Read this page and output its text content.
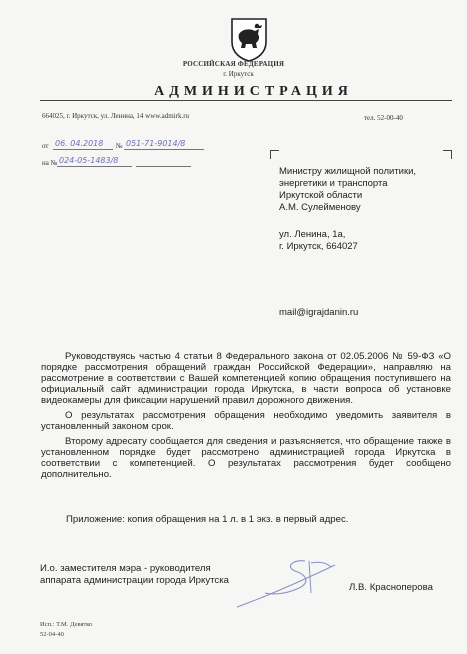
РОССИЙСКАЯ ФЕДЕРАЦИЯ
г. Иркутск
АДМИНИСТРАЦИЯ
664025, г. Иркутск, ул. Ленина, 14 www.admirk.ru	тел. 52-00-40
от 06. 04.2018 № 051-71-9014/8
на № 024-05-1483/8
Министру жилищной политики,
энергетики и транспорта
Иркутской области
А.М. Сулейменову
ул. Ленина, 1а,
г. Иркутск, 664027
mail@igrajdanin.ru

Руководствуясь частью 4 статьи 8 Федерального закона от 02.05.2006 № 59-ФЗ «О порядке рассмотрения обращений граждан Российской Федерации», направляю на рассмотрение в соответствии с Вашей компетенцией копию обращения поступившего на официальный сайт администрации города Иркутска, в части вопроса об установке видеокамеры для фиксации нарушений правил дорожного движения.

О результатах рассмотрения обращения необходимо уведомить заявителя в установленный законом срок.

Второму адресату сообщается для сведения и разъясняется, что обращение также в установленном порядке будет рассмотрено администрацией города Иркутска в соответствии с компетенцией. О результатах рассмотрения будет сообщено дополнительно.

Приложение: копия обращения на 1 л. в 1 экз. в первый адрес.
И.о. заместителя мэра - руководителя
аппарата администрации города Иркутска
Л.В. Красноперова
Исп.: Т.М. Девятко
52-04-40
